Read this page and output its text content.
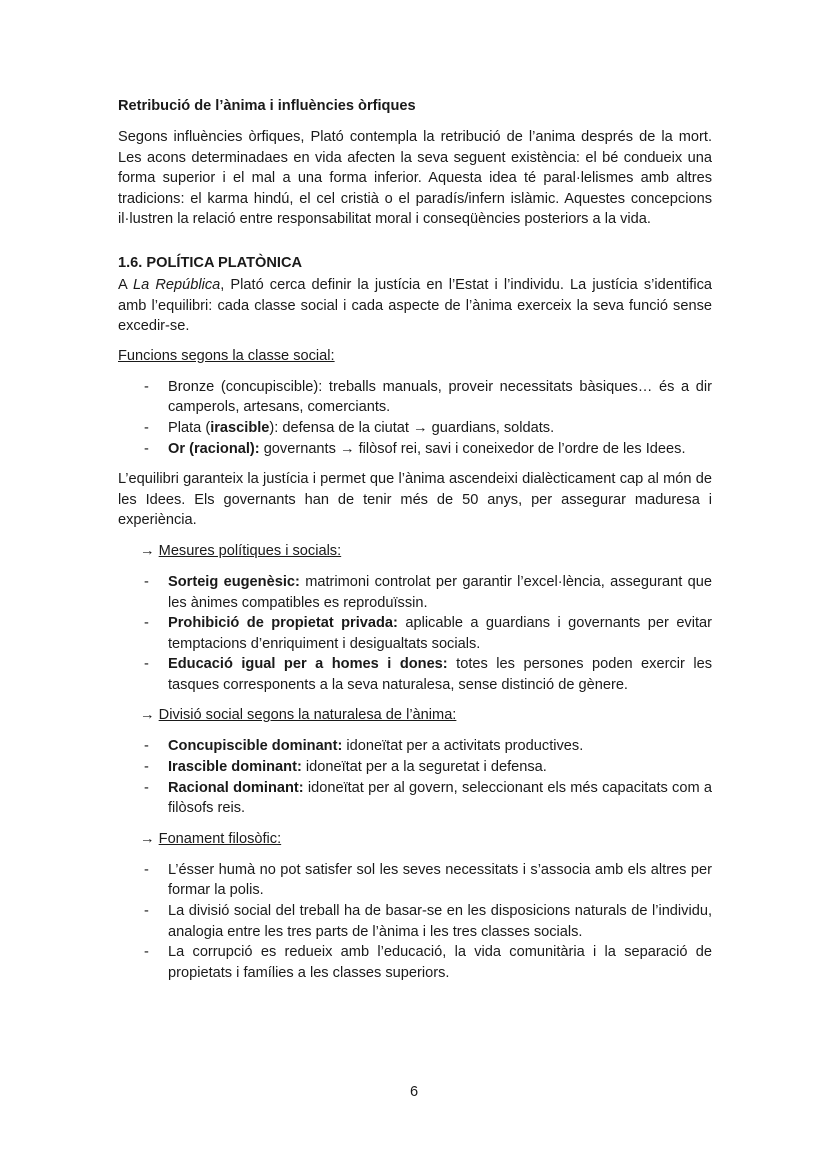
Retribució de l’ànima i influències òrfiques

Segons influències òrfiques, Plató contempla la retribució de l’anima després de la mort. Les acons determinadaes en vida afecten la seva seguent existència: el bé condueix una forma superior i el mal a una forma inferior. Aquesta idea té paral·lelismes amb altres tradicions: el karma hindú, el cel cristià o el paradís/infern islàmic. Aquestes concepcions il·lustren la relació entre responsabilitat moral i conseqüències posteriors a la vida.

1.6. POLÍTICA PLATÒNICA

A La República, Plató cerca definir la justícia en l’Estat i l’individu. La justícia s’identifica amb l’equilibri: cada classe social i cada aspecte de l’ànima exerceix la seva funció sense excedir-se.

Funcions segons la classe social:

- Bronze (concupiscible): treballs manuals, proveir necessitats bàsiques… és a dir camperols, artesans, comerciants.
- Plata (irascible): defensa de la ciutat → guardians, soldats.
- Or (racional): governants → filòsof rei, savi i coneixedor de l’ordre de les Idees.

L’equilibri garanteix la justícia i permet que l’ànima ascendeixi dialècticament cap al món de les Idees. Els governants han de tenir més de 50 anys, per assegurar maduresa i experiència.

→ Mesures polítiques i socials:

- Sorteig eugenèsic: matrimoni controlat per garantir l’excel·lència, assegurant que les ànimes compatibles es reproduïssin.
- Prohibició de propietat privada: aplicable a guardians i governants per evitar temptacions d’enriquiment i desigualtats socials.
- Educació igual per a homes i dones: totes les persones poden exercir les tasques corresponents a la seva naturalesa, sense distinció de gènere.

→ Divisió social segons la naturalesa de l’ànima:

- Concupiscible dominant: idoneïtat per a activitats productives.
- Irascible dominant: idoneïtat per a la seguretat i defensa.
- Racional dominant: idoneïtat per al govern, seleccionant els més capacitats com a filòsofs reis.

→ Fonament filosòfic:

- L’ésser humà no pot satisfer sol les seves necessitats i s’associa amb els altres per formar la polis.
- La divisió social del treball ha de basar-se en les disposicions naturals de l’individu, analogia entre les tres parts de l’ànima i les tres classes socials.
- La corrupció es redueix amb l’educació, la vida comunitària i la separació de propietats i famílies a les classes superiors.
6
